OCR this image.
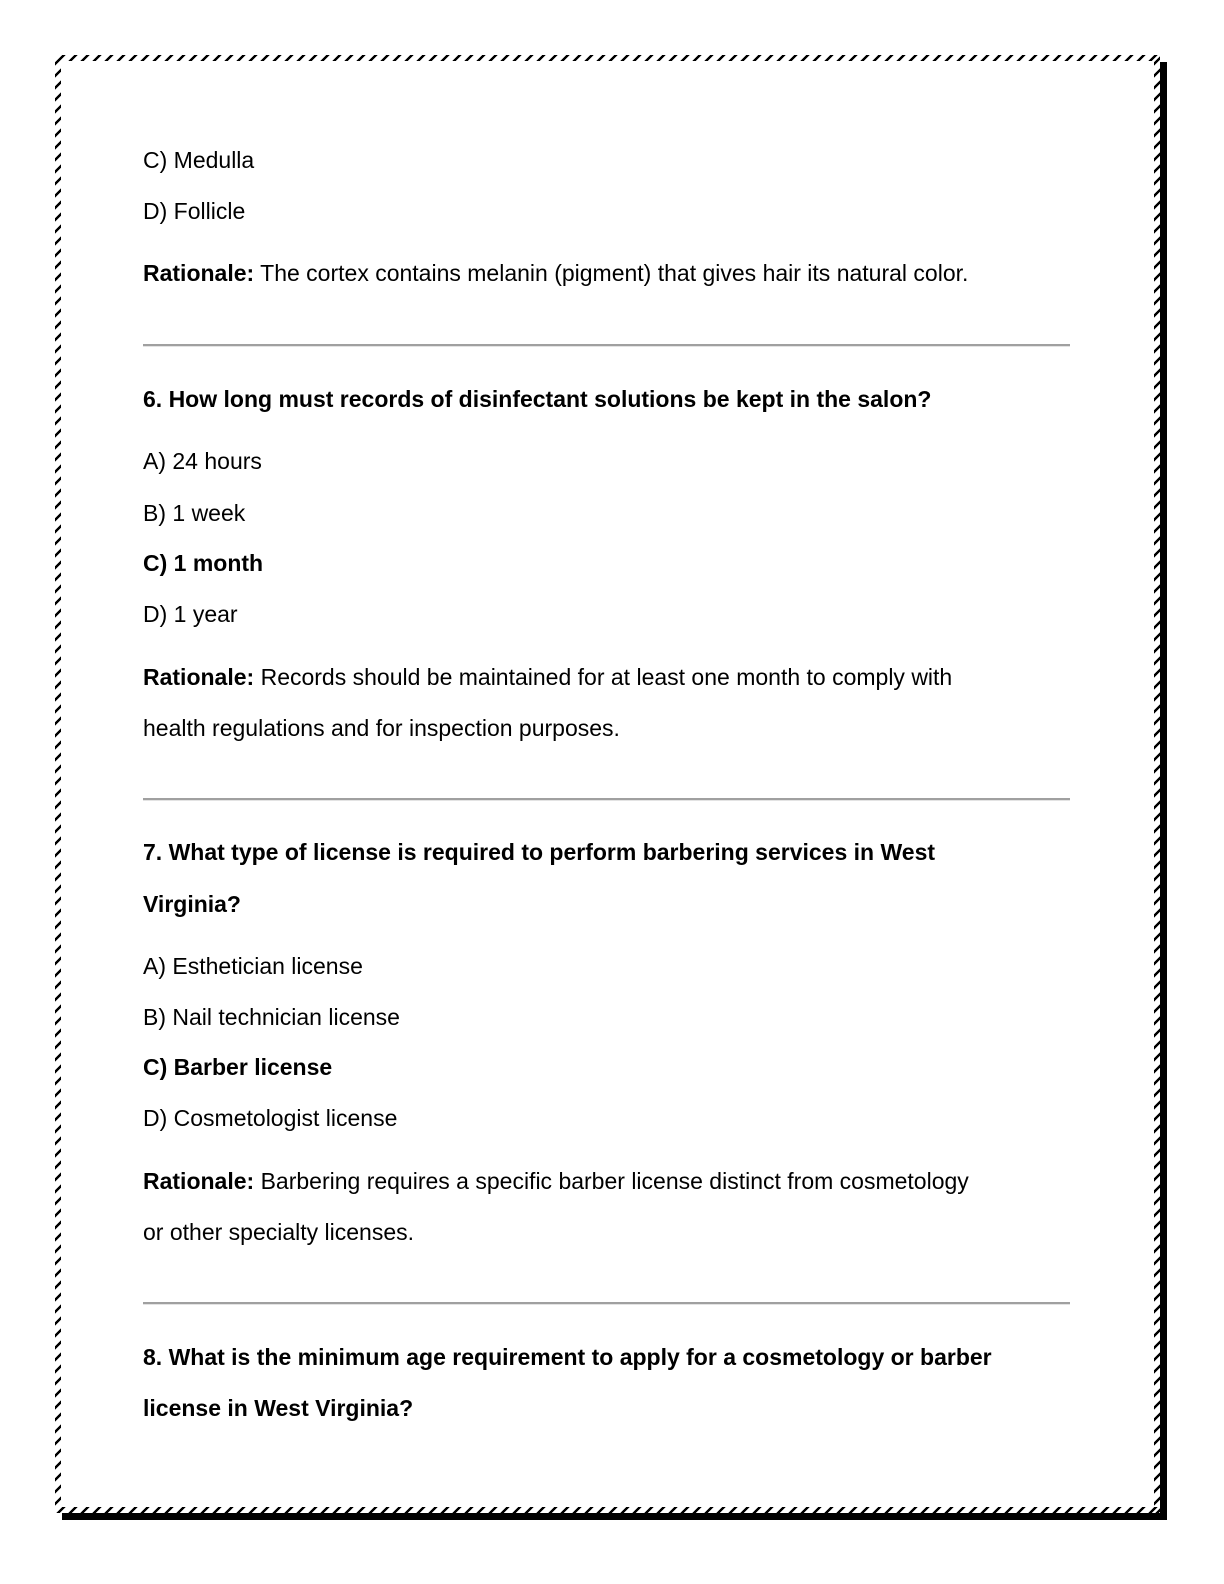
C) Medulla
D) Follicle
Rationale: The cortex contains melanin (pigment) that gives hair its natural color.
6. How long must records of disinfectant solutions be kept in the salon?
A) 24 hours
B) 1 week
C) 1 month
D) 1 year
Rationale: Records should be maintained for at least one month to comply with
health regulations and for inspection purposes.
7. What type of license is required to perform barbering services in West
Virginia?
A) Esthetician license
B) Nail technician license
C) Barber license
D) Cosmetologist license
Rationale: Barbering requires a specific barber license distinct from cosmetology
or other specialty licenses.
8. What is the minimum age requirement to apply for a cosmetology or barber
license in West Virginia?
